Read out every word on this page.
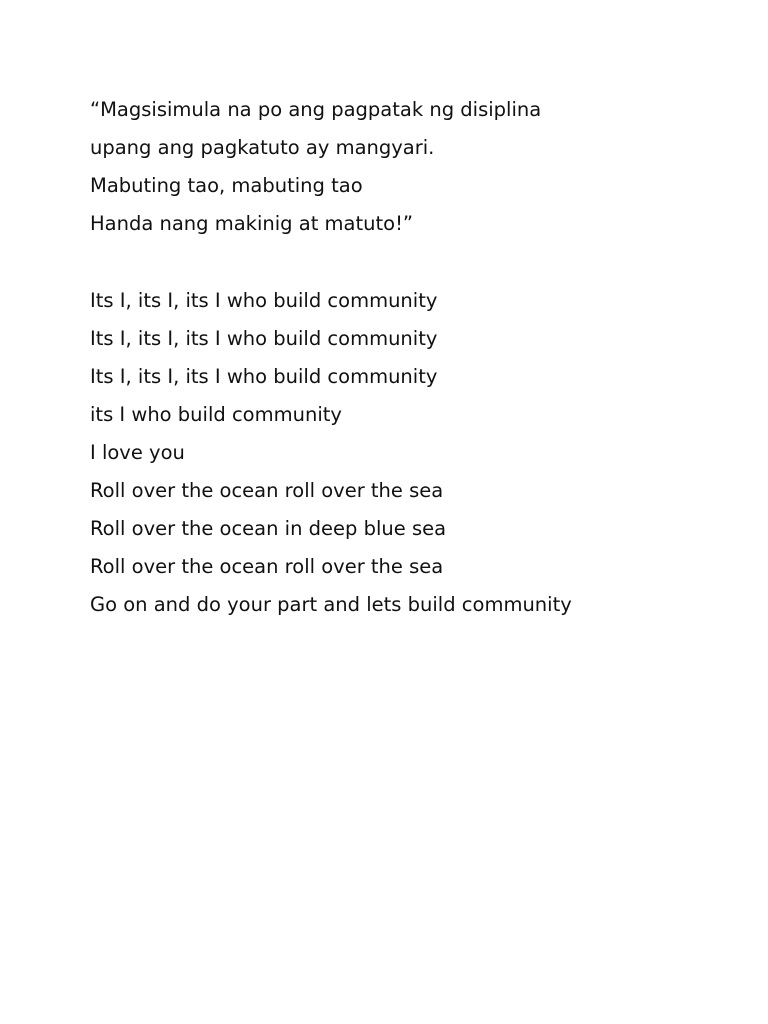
“Magsisimula na po ang pagpatak ng disiplina
upang ang pagkatuto ay mangyari.
Mabuting tao, mabuting tao
Handa nang makinig at matuto!”
Its I, its I, its I who build community
Its I, its I, its I who build community
Its I, its I, its I who build community
its I who build community
I love you
Roll over the ocean roll over the sea
Roll over the ocean in deep blue sea
Roll over the ocean roll over the sea
Go on and do your part and lets build community
